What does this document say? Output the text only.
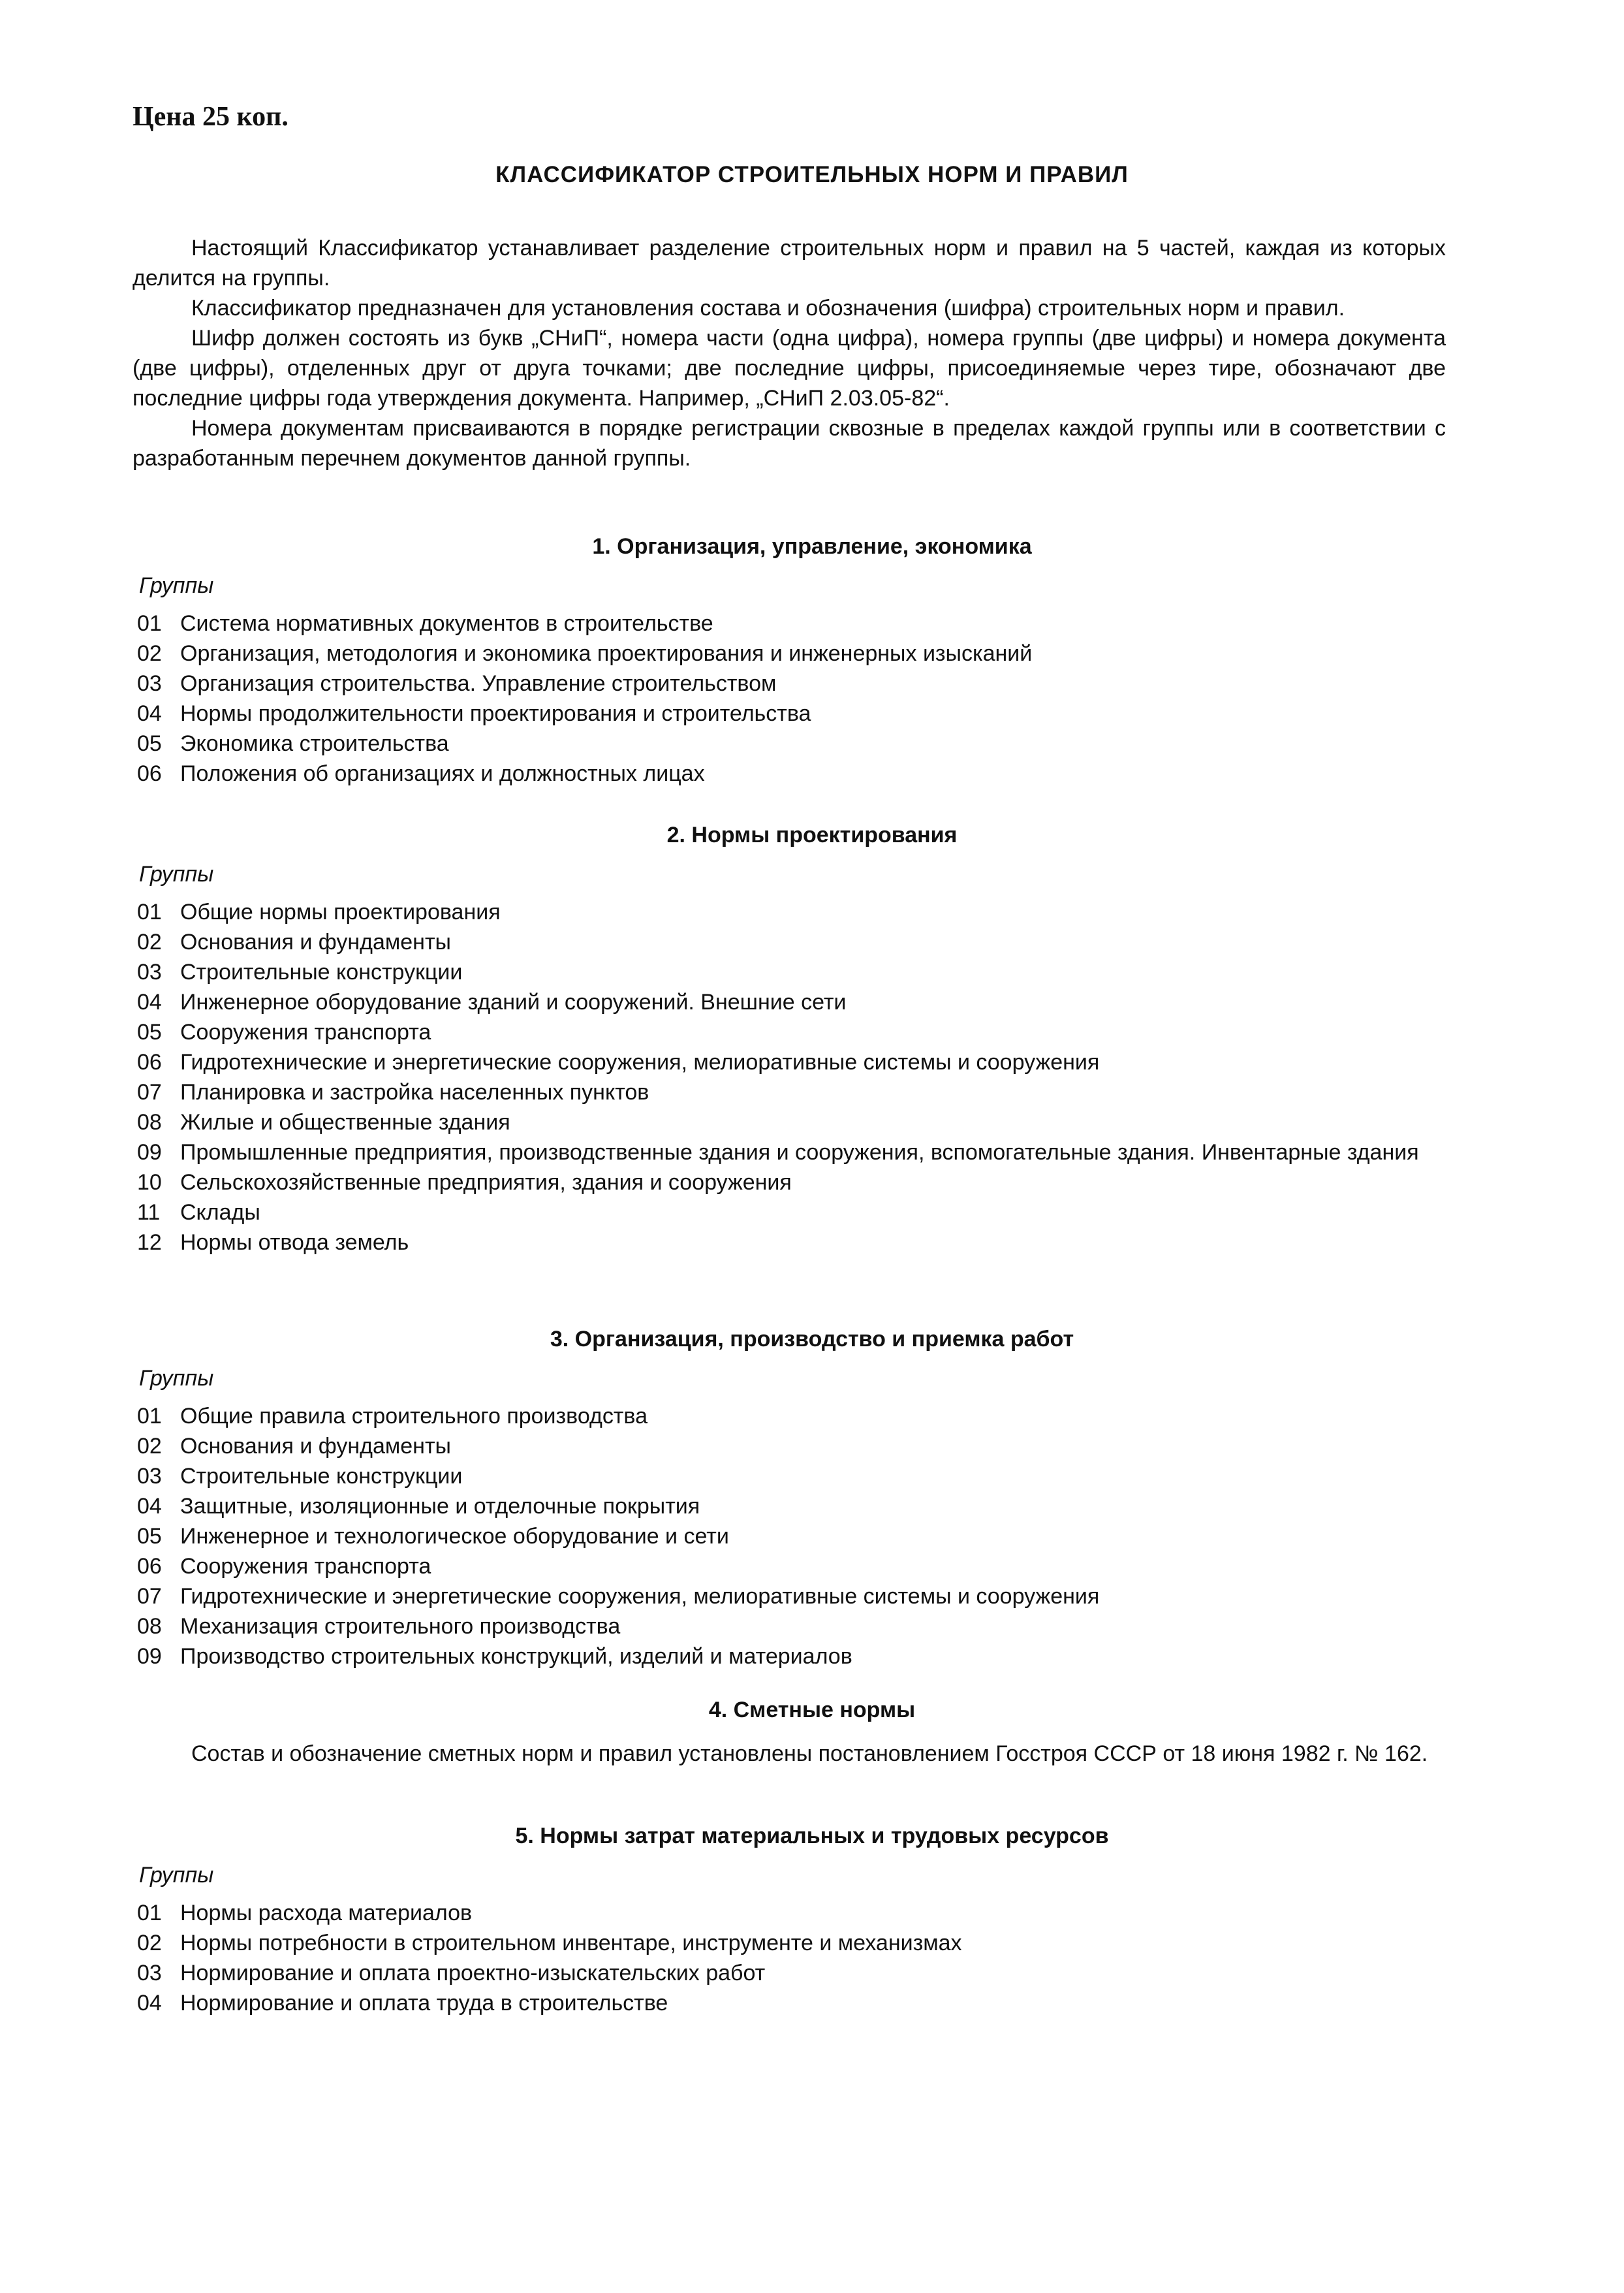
Цена 25 коп.
КЛАССИФИКАТОР СТРОИТЕЛЬНЫХ НОРМ И ПРАВИЛ

Настоящий Классификатор устанавливает разделение строительных норм и правил на 5 частей, каждая из которых делится на группы.

Классификатор предназначен для установления состава и обозначения (шифра) строительных норм и правил.

Шифр должен состоять из букв „СНиП“, номера части (одна цифра), номера группы (две цифры) и номера документа (две цифры), отделенных друг от друга точками; две последние цифры, присоединяемые через тире, обозначают две последние цифры года утверждения документа. Например, „СНиП 2.03.05-82“.

Номера документам присваиваются в порядке регистрации сквозные в пределах каждой группы или в соответствии с разработанным перечнем документов данной группы.

1. Организация, управление, экономика
Группы
01 Система нормативных документов в строительстве
02 Организация, методология и экономика проектирования и инженерных изысканий
03 Организация строительства. Управление строительством
04 Нормы продолжительности проектирования и строительства
05 Экономика строительства
06 Положения об организациях и должностных лицах
2. Нормы проектирования
Группы
01 Общие нормы проектирования
02 Основания и фундаменты
03 Строительные конструкции
04 Инженерное оборудование зданий и сооружений. Внешние сети
05 Сооружения транспорта
06 Гидротехнические и энергетические сооружения, мелиоративные системы и сооружения
07 Планировка и застройка населенных пунктов
08 Жилые и общественные здания
09 Промышленные предприятия, производственные здания и сооружения, вспомогательные здания. Инвентарные здания
10 Сельскохозяйственные предприятия, здания и сооружения
11 Склады
12 Нормы отвода земель
3. Организация, производство и приемка работ
Группы
01 Общие правила строительного производства
02 Основания и фундаменты
03 Строительные конструкции
04 Защитные, изоляционные и отделочные покрытия
05 Инженерное и технологическое оборудование и сети
06 Сооружения транспорта
07 Гидротехнические и энергетические сооружения, мелиоративные системы и сооружения
08 Механизация строительного производства
09 Производство строительных конструкций, изделий и материалов
4. Сметные нормы

Состав и обозначение сметных норм и правил установлены постановлением Госстроя СССР от 18 июня 1982 г. № 162.

5. Нормы затрат материальных и трудовых ресурсов
Группы
01 Нормы расхода материалов
02 Нормы потребности в строительном инвентаре, инструменте и механизмах
03 Нормирование и оплата проектно-изыскательских работ
04 Нормирование и оплата труда в строительстве
